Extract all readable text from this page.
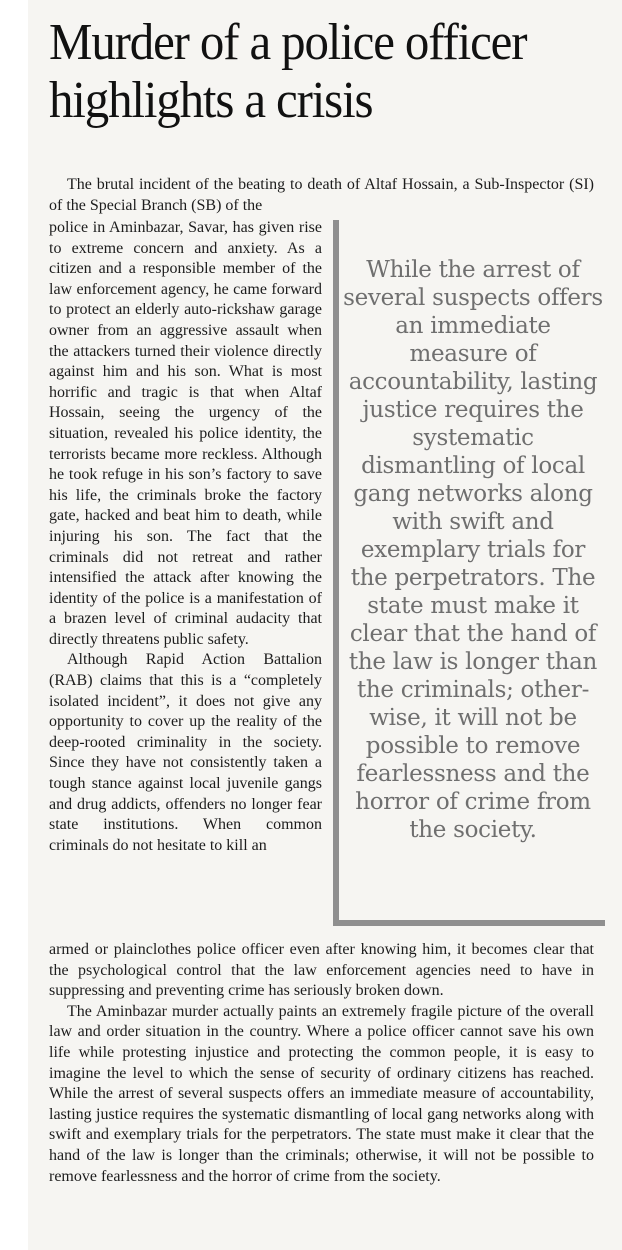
Murder of a police officer highlights a crisis

The brutal incident of the beating to death of Altaf Hossain, a Sub-Inspector (SI) of the Special Branch (SB) of the

police in Aminbazar, Savar, has given rise to extreme concern and anxiety. As a citizen and a responsible member of the law enforcement agency, he came forward to protect an elderly auto-rickshaw garage owner from an aggressive assault when the attackers turned their violence directly against him and his son. What is most horrific and tragic is that when Altaf Hossain, seeing the urgency of the situation, revealed his police identity, the terrorists became more reckless. Although he took refuge in his son’s factory to save his life, the criminals broke the factory gate, hacked and beat him to death, while injuring his son. The fact that the criminals did not retreat and rather intensified the attack after knowing the identity of the police is a manifestation of a brazen level of criminal audacity that directly threatens public safety.

Although Rapid Action Battalion (RAB) claims that this is a “completely isolated incident”, it does not give any opportunity to cover up the reality of the deep-rooted criminality in the society. Since they have not consistently taken a tough stance against local juvenile gangs and drug addicts, offenders no longer fear state institutions. When common criminals do not hesitate to kill an

While the arrest of several suspects offers an immediate measure of accountability, lasting justice requires the systematic dismantling of local gang networks along with swift and exemplary trials for the perpetrators. The state must make it clear that the hand of the law is longer than the criminals; other-wise, it will not be possible to remove fearlessness and the horror of crime from the society.

armed or plainclothes police officer even after knowing him, it becomes clear that the psychological control that the law enforcement agencies need to have in suppressing and preventing crime has seriously broken down.

The Aminbazar murder actually paints an extremely fragile picture of the overall law and order situation in the country. Where a police officer cannot save his own life while protesting injustice and protecting the common people, it is easy to imagine the level to which the sense of security of ordinary citizens has reached. While the arrest of several suspects offers an immediate measure of accountability, lasting justice requires the systematic dismantling of local gang networks along with swift and exemplary trials for the perpetrators. The state must make it clear that the hand of the law is longer than the criminals; otherwise, it will not be possible to remove fearlessness and the horror of crime from the society.
